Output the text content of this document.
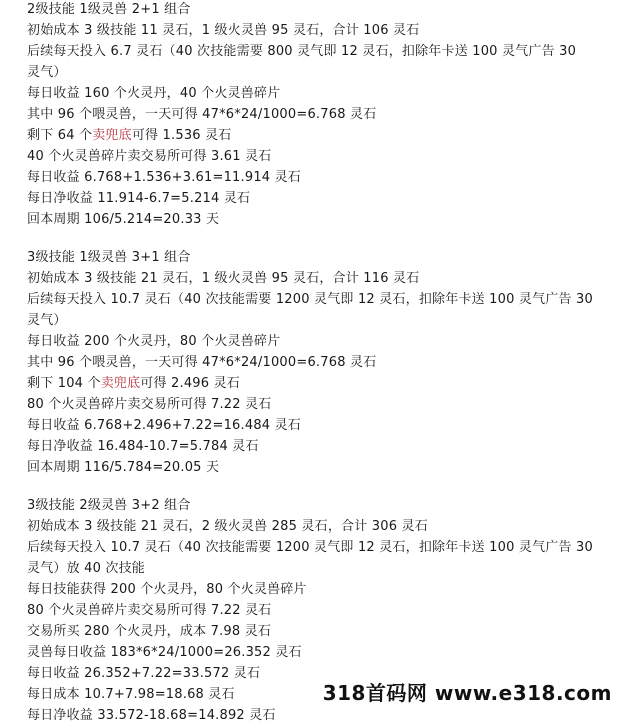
2级技能 1级灵兽 2+1 组合
初始成本 3 级技能 11 灵石，1 级火灵兽 95 灵石，合计 106 灵石
后续每天投入 6.7 灵石（40 次技能需要 800 灵气即 12 灵石，扣除年卡送 100 灵气广告 30
灵气）
每日收益 160 个火灵丹，40 个火灵兽碎片
其中 96 个喂灵兽，一天可得 47*6*24/1000=6.768 灵石
剩下 64 个卖兜底可得 1.536 灵石
40 个火灵兽碎片卖交易所可得 3.61 灵石
每日收益 6.768+1.536+3.61=11.914 灵石
每日净收益 11.914-6.7=5.214 灵石
回本周期 106/5.214=20.33 天
3级技能 1级灵兽 3+1 组合
初始成本 3 级技能 21 灵石，1 级火灵兽 95 灵石，合计 116 灵石
后续每天投入 10.7 灵石（40 次技能需要 1200 灵气即 12 灵石，扣除年卡送 100 灵气广告 30
灵气）
每日收益 200 个火灵丹，80 个火灵兽碎片
其中 96 个喂灵兽，一天可得 47*6*24/1000=6.768 灵石
剩下 104 个卖兜底可得 2.496 灵石
80 个火灵兽碎片卖交易所可得 7.22 灵石
每日收益 6.768+2.496+7.22=16.484 灵石
每日净收益 16.484-10.7=5.784 灵石
回本周期 116/5.784=20.05 天
3级技能 2级灵兽 3+2 组合
初始成本 3 级技能 21 灵石，2 级火灵兽 285 灵石，合计 306 灵石
后续每天投入 10.7 灵石（40 次技能需要 1200 灵气即 12 灵石，扣除年卡送 100 灵气广告 30
灵气）放 40 次技能
每日技能获得 200 个火灵丹，80 个火灵兽碎片
80 个火灵兽碎片卖交易所可得 7.22 灵石
交易所买 280 个火灵丹，成本 7.98 灵石
灵兽每日收益 183*6*24/1000=26.352 灵石
每日收益 26.352+7.22=33.572 灵石
每日成本 10.7+7.98=18.68 灵石
每日净收益 33.572-18.68=14.892 灵石
318首码网 www.e318.com
